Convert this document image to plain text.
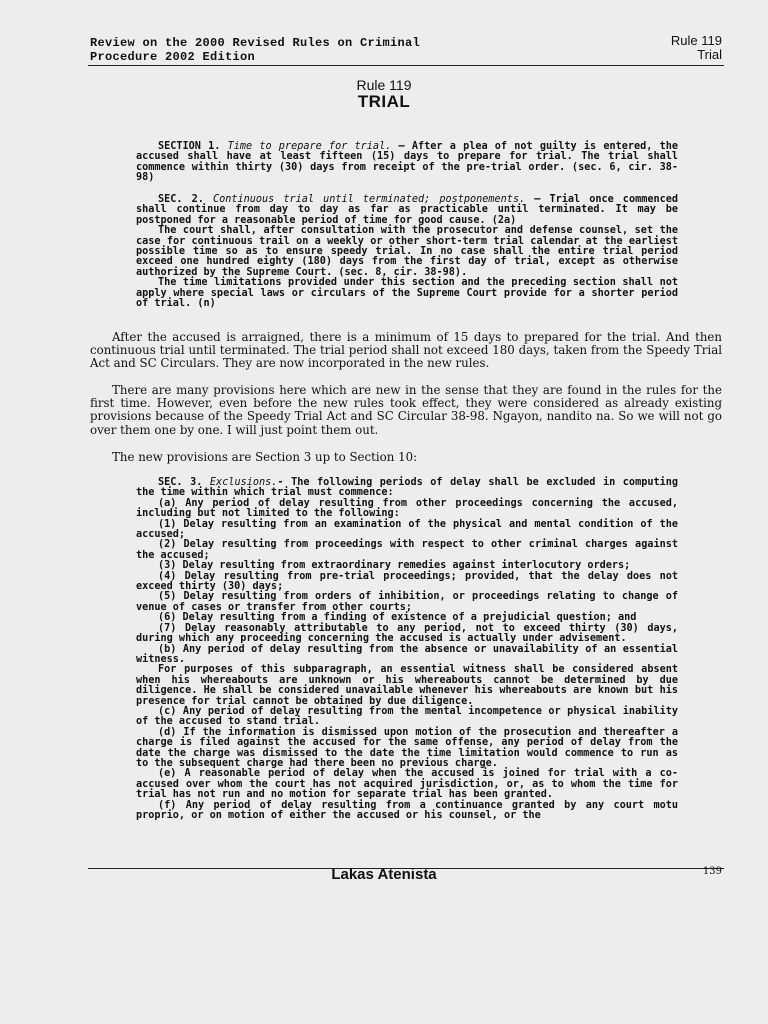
Review on the 2000 Revised Rules on Criminal
Procedure 2002 Edition
Rule 119
Trial
Rule 119
TRIAL

SECTION 1. Time to prepare for trial. – After a plea of not guilty is entered, the accused shall have at least fifteen (15) days to prepare for trial. The trial shall commence within thirty (30) days from receipt of the pre-trial order. (sec. 6, cir. 38-98)

SEC. 2. Continuous trial until terminated; postponements. – Trial once commenced shall continue from day to day as far as practicable until terminated. It may be postponed for a reasonable period of time for good cause. (2a)

The court shall, after consultation with the prosecutor and defense counsel, set the case for continuous trail on a weekly or other short-term trial calendar at the earliest possible time so as to ensure speedy trial. In no case shall the entire trial period exceed one hundred eighty (180) days from the first day of trial, except as otherwise authorized by the Supreme Court. (sec. 8, cir. 38-98).

The time limitations provided under this section and the preceding section shall not apply where special laws or circulars of the Supreme Court provide for a shorter period of trial. (n)

After the accused is arraigned, there is a minimum of 15 days to prepared for the trial. And then continuous trial until terminated. The trial period shall not exceed 180 days, taken from the Speedy Trial Act and SC Circulars. They are now incorporated in the new rules.

There are many provisions here which are new in the sense that they are found in the rules for the first time. However, even before the new rules took effect, they were considered as already existing provisions because of the Speedy Trial Act and SC Circular 38-98. Ngayon, nandito na. So we will not go over them one by one. I will just point them out.

The new provisions are Section 3 up to Section 10:

SEC. 3. Exclusions.- The following periods of delay shall be excluded in computing the time within which trial must commence:

(a) Any period of delay resulting from other proceedings concerning the accused, including but not limited to the following:

(1) Delay resulting from an examination of the physical and mental condition of the accused;

(2) Delay resulting from proceedings with respect to other criminal charges against the accused;

(3) Delay resulting from extraordinary remedies against interlocutory orders;

(4) Delay resulting from pre-trial proceedings; provided, that the delay does not exceed thirty (30) days;

(5) Delay resulting from orders of inhibition, or proceedings relating to change of venue of cases or transfer from other courts;

(6) Delay resulting from a finding of existence of a prejudicial question; and

(7) Delay reasonably attributable to any period, not to exceed thirty (30) days, during which any proceeding concerning the accused is actually under advisement.

(b) Any period of delay resulting from the absence or unavailability of an essential witness.

For purposes of this subparagraph, an essential witness shall be considered absent when his whereabouts are unknown or his whereabouts cannot be determined by due diligence. He shall be considered unavailable whenever his whereabouts are known but his presence for trial cannot be obtained by due diligence.

(c) Any period of delay resulting from the mental incompetence or physical inability of the accused to stand trial.

(d) If the information is dismissed upon motion of the prosecution and thereafter a charge is filed against the accused for the same offense, any period of delay from the date the charge was dismissed to the date the time limitation would commence to run as to the subsequent charge had there been no previous charge.

(e) A reasonable period of delay when the accused is joined for trial with a co-accused over whom the court has not acquired jurisdiction, or, as to whom the time for trial has not run and no motion for separate trial has been granted.

(f) Any period of delay resulting from a continuance granted by any court motu proprio, or on motion of either the accused or his counsel, or the

Lakas Atenista	139
